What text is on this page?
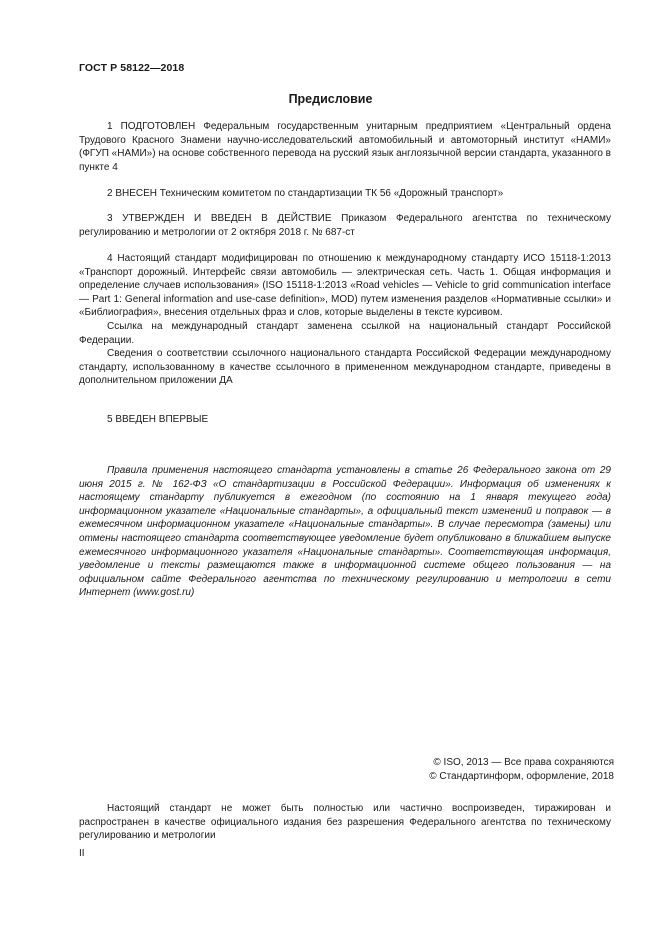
ГОСТ Р 58122—2018
Предисловие

1 ПОДГОТОВЛЕН Федеральным государственным унитарным предприятием «Центральный ордена Трудового Красного Знамени научно-исследовательский автомобильный и автомоторный институт «НАМИ» (ФГУП «НАМИ») на основе собственного перевода на русский язык англоязычной версии стандарта, указанного в пункте 4

2 ВНЕСЕН Техническим комитетом по стандартизации ТК 56 «Дорожный транспорт»

3 УТВЕРЖДЕН И ВВЕДЕН В ДЕЙСТВИЕ Приказом Федерального агентства по техническому регулированию и метрологии от 2 октября 2018 г. № 687-ст

4 Настоящий стандарт модифицирован по отношению к международному стандарту ИСО 15118-1:2013 «Транспорт дорожный. Интерфейс связи автомобиль — электрическая сеть. Часть 1. Общая информация и определение случаев использования» (ISO 15118-1:2013 «Road vehicles — Vehicle to grid communication interface — Part 1: General information and use-case definition», MOD) путем изменения разделов «Нормативные ссылки» и «Библиография», внесения отдельных фраз и слов, которые выделены в тексте курсивом.

Ссылка на международный стандарт заменена ссылкой на национальный стандарт Российской Федерации.

Сведения о соответствии ссылочного национального стандарта Российской Федерации международному стандарту, использованному в качестве ссылочного в примененном международном стандарте, приведены в дополнительном приложении ДА

5 ВВЕДЕН ВПЕРВЫЕ

Правила применения настоящего стандарта установлены в статье 26 Федерального закона от 29 июня 2015 г. № 162-ФЗ «О стандартизации в Российской Федерации». Информация об изменениях к настоящему стандарту публикуется в ежегодном (по состоянию на 1 января текущего года) информационном указателе «Национальные стандарты», а официальный текст изменений и поправок — в ежемесячном информационном указателе «Национальные стандарты». В случае пересмотра (замены) или отмены настоящего стандарта соответствующее уведомление будет опубликовано в ближайшем выпуске ежемесячного информационного указателя «Национальные стандарты». Соответствующая информация, уведомление и тексты размещаются также в информационной системе общего пользования — на официальном сайте Федерального агентства по техническому регулированию и метрологии в сети Интернет (www.gost.ru)

© ISO, 2013 — Все права сохраняются
© Стандартинформ, оформление, 2018

Настоящий стандарт не может быть полностью или частично воспроизведен, тиражирован и распространен в качестве официального издания без разрешения Федерального агентства по техническому регулированию и метрологии

II
